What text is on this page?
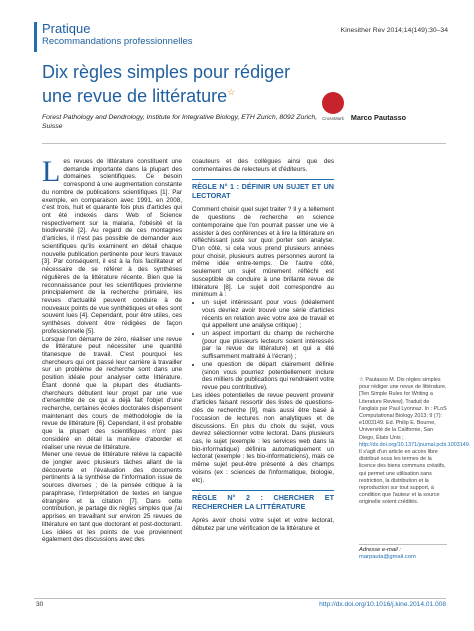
Pratique
Recommandations professionnelles
Kinesither Rev 2014;14(149):30–34
Dix règles simples pour rédiger une revue de littérature☆
CrossMark
Forest Pathology and Dendrology, Institute for Integrative Biology, ETH Zurich, 8092 Zurich, Suisse
Marco Pautasso

Les revues de littérature constituent une demande importante dans la plupart des domaines scientifiques. Ce besoin correspond à une augmentation constante du nombre de publications scientifiques [1]. Par exemple, en comparaison avec 1991, en 2008, c'est trois, huit et quarante fois plus d'articles qui ont été indexés dans Web of Science respectivement sur la malaria, l'obésité et la biodiversité [2]. Au regard de ces montagnes d'articles, il n'est pas possible de demander aux scientifiques qu'ils examinent en détail chaque nouvelle publication pertinente pour leurs travaux [3]. Par conséquent, il est à la fois facilitateur et nécessaire de se référer à des synthèses régulières de la littérature récente. Bien que la reconnaissance pour les scientifiques provienne principalement de la recherche primaire, les revues d'actualité peuvent conduire à de nouveaux points de vue synthétiques et elles sont souvent lues [4]. Cependant, pour être utiles, ces synthèses doivent être rédigées de façon professionnelle [5].

Lorsque l'on démarre de zéro, réaliser une revue de littérature peut nécessiter une quantité titanesque de travail. C'est pourquoi les chercheurs qui ont passé leur carrière à travailler sur un problème de recherche sont dans une position idéale pour analyser cette littérature. Étant donné que la plupart des étudiants-chercheurs débutent leur projet par une vue d'ensemble de ce qui a déjà fait l'objet d'une recherche, certaines écoles doctorales dispensent maintenant des cours de méthodologie de la revue de littérature [6]. Cependant, il est probable que la plupart des scientifiques n'ont pas considéré en détail la manière d'aborder et réaliser une revue de littérature.

Mener une revue de littérature relève la capacité de jongler avec plusieurs tâches allant de la découverte et l'évaluation des documents pertinents à la synthèse de l'information issue de sources diverses ; de la pensée critique à la paraphrase, l'interprétation de textes en langue étrangère et la citation [7]. Dans cette contribution, je partage dix règles simples que j'ai apprises en travaillant sur environ 25 revues de littérature en tant que doctorant et post-doctorant. Les idées et les points de vue proviennent également des discussions avec des

coauteurs et des collègues ainsi que des commentaires de relecteurs et d'éditeurs.

RÈGLE N° 1 : DÉFINIR UN SUJET ET UN LECTORAT

Comment choisir quel sujet traiter ? Il y a tellement de questions de recherche en science contemporaine que l'on pourrait passer une vie à assister à des conférences et à lire la littérature en réfléchissant juste sur quoi porter son analyse. D'un côté, si cela vous prend plusieurs années pour choisir, plusieurs autres personnes auront la même idée entre-temps. De l'autre côté, seulement un sujet mûrement réfléchi est susceptible de conduire à une brillante revue de littérature [8]. Le sujet doit correspondre au minimum à :

• un sujet intéressant pour vous (idéalement vous devriez avoir trouvé une série d'articles récents en relation avec votre axe de travail et qui appellent une analyse critique) ;
• un aspect important du champ de recherche (pour que plusieurs lecteurs soient intéressés par la revue de littérature) et qui a été suffisamment maltraité à l'écran) ;
• une question de départ clairement définie (sinon vous pourriez potentiellement inclure des milliers de publications qui rendraient votre revue peu contributive).

Les idées potentielles de revue peuvent provenir d'articles faisant ressortir des listes de questions-clés de recherche [9], mais aussi être basé à l'occasion de lectures non analytiques et de discussions. En plus du choix du sujet, vous devrez sélectionner votre lectorat. Dans plusieurs cas, le sujet (exemple : les services web dans la bio-informatique) définira automatiquement un lectorat (exemple : les bio-informaticiens), mais ce même sujet peut-être présenté à des champs voisins (ex : sciences de l'informatique, biologie, etc).

RÈGLE N° 2 : CHERCHER ET RECHERCHER LA LITTÉRATURE

Après avoir choisi votre sujet et votre lectorat, débutez par une vérification de la littérature et

☆ Pautasso M. Dix règles simples pour rédiger une revue de littérature. [Ten Simple Rules for Writing a Literature Review]. Traduit de l'anglais par Paul Lyonnaz. In : PLoS Computational Biology 2013; 9 (7): e1003149. Ed. Philip E. Bourne, Université de la Californie, San Diego, États Unis ; http://dx.doi.org/10.1371/journal.pcbi.1003149.

Il s'agit d'un article en accès libre distribué sous les termes de la licence des biens communs créatifs, qui permet une utilisation sans restriction, la distribution et la reproduction sur tout support, à condition que l'auteur et la source originelle soient crédités.

Adresse e-mail :
marpauta@gmail.com
30	http://dx.doi.org/10.1016/j.kine.2014.01.008
